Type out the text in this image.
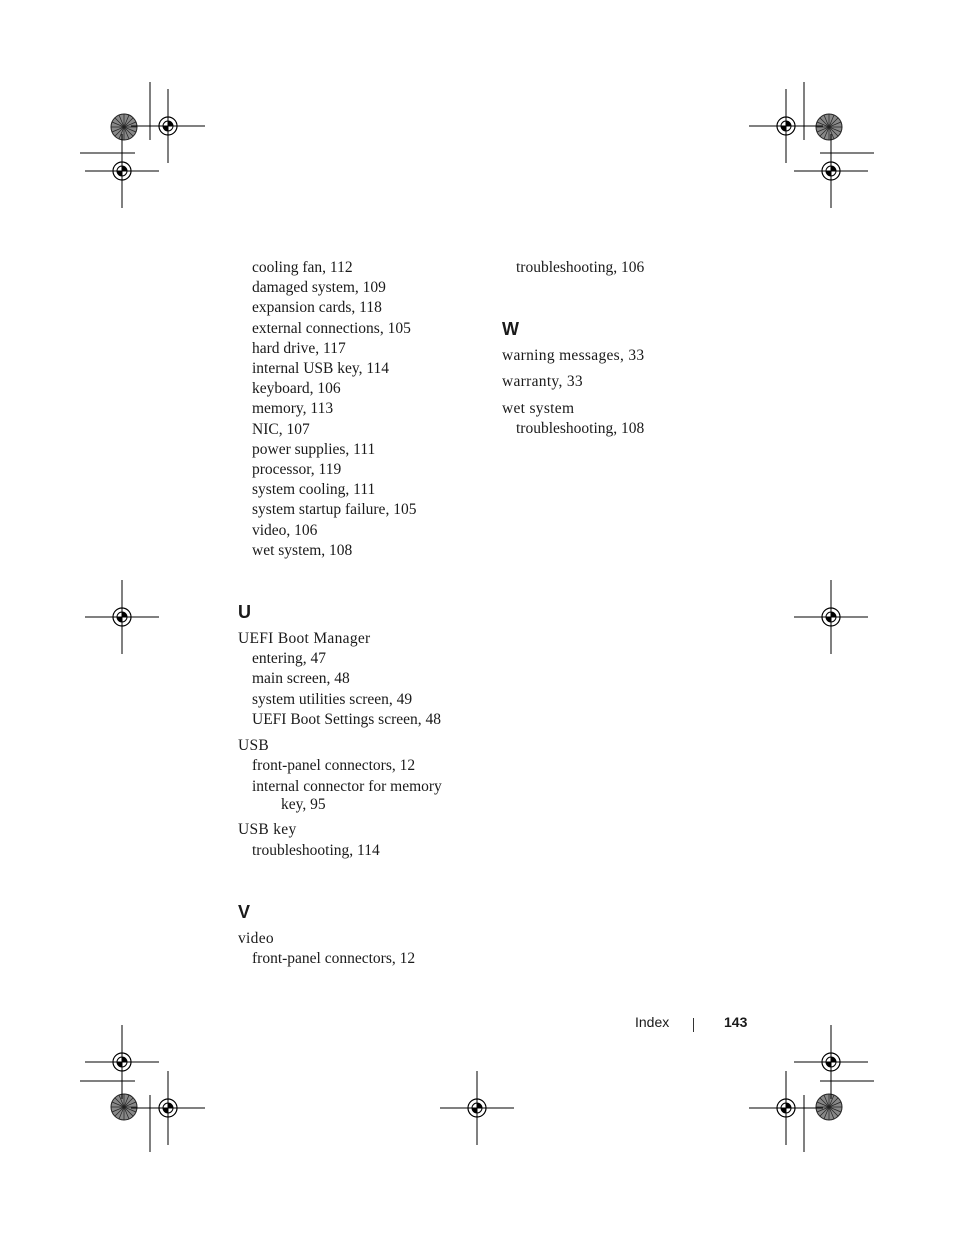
cooling fan, 112
damaged system, 109
expansion cards, 118
external connections, 105
hard drive, 117
internal USB key, 114
keyboard, 106
memory, 113
NIC, 107
power supplies, 111
processor, 119
system cooling, 111
system startup failure, 105
video, 106
wet system, 108
U
UEFI Boot Manager
entering, 47
main screen, 48
system utilities screen, 49
UEFI Boot Settings screen, 48
USB
front-panel connectors, 12
internal connector for memory
key, 95
USB key
troubleshooting, 114
V
video
front-panel connectors, 12
troubleshooting, 106
W
warning messages, 33
warranty, 33
wet system
troubleshooting, 108
Index	143
